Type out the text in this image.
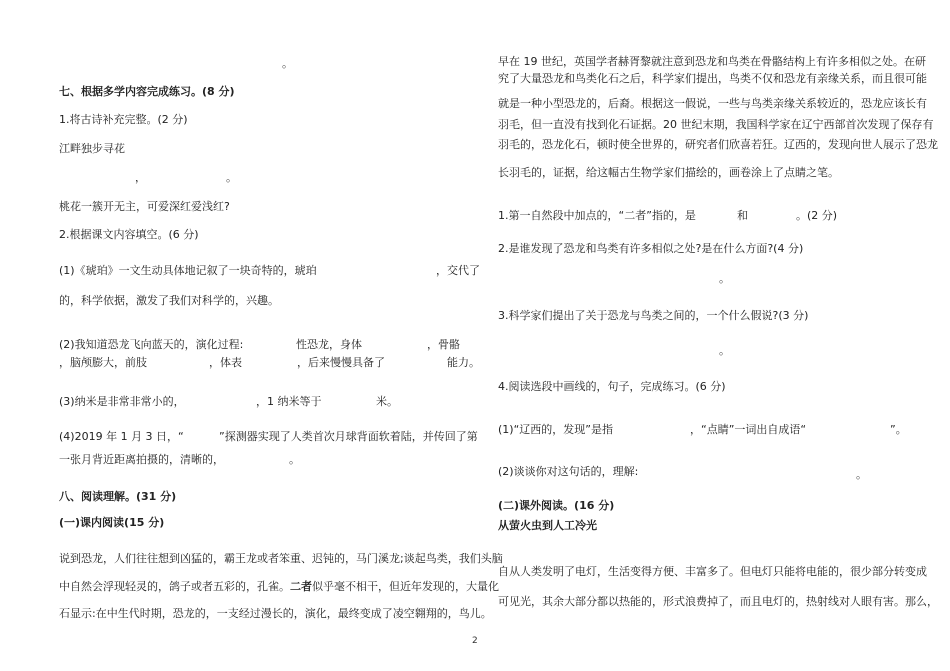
。
七、根据多学内容完成练习。(8 分)
1.将古诗补充完整。(2 分)
江畔独步寻花
，	。
桃花一簇开无主，可爱深红爱浅红?
2.根据课文内容填空。(6 分)
(1)《琥珀》一文生动具体地记叙了一块奇特的，琥珀	，交代了
的，科学依据，激发了我们对科学的，兴趣。
(2)我知道恐龙飞向蓝天的，演化过程:	性恐龙，身体	，骨骼
，脑颅膨大，前肢	，体表	，后来慢慢具备了	能力。
(3)纳米是非常非常小的，	，1 纳米等于	米。
(4)2019 年 1 月 3 日，“	”探测器实现了人类首次月球背面软着陆，并传回了第
一张月背近距离拍摄的，清晰的，	。
八、阅读理解。(31 分)
(一)课内阅读(15 分)
说到恐龙，人们往往想到凶猛的，霸王龙或者笨重、迟钝的，马门溪龙;谈起鸟类，我们头脑
中自然会浮现轻灵的，鸽子或者五彩的，孔雀。二者似乎毫不相干，但近年发现的，大量化
石显示:在中生代时期，恐龙的，一支经过漫长的，演化，最终变成了凌空翱翔的，鸟儿。
早在 19 世纪，英国学者赫胥黎就注意到恐龙和鸟类在骨骼结构上有许多相似之处。在研
究了大量恐龙和鸟类化石之后，科学家们提出，鸟类不仅和恐龙有亲缘关系，而且很可能
就是一种小型恐龙的，后裔。根据这一假说，一些与鸟类亲缘关系较近的，恐龙应该长有
羽毛，但一直没有找到化石证据。20 世纪末期，我国科学家在辽宁西部首次发现了保存有
羽毛的，恐龙化石，顿时使全世界的，研究者们欣喜若狂。辽西的，发现向世人展示了恐龙
长羽毛的，证据，给这幅古生物学家们描绘的，画卷涂上了点睛之笔。
1.第一自然段中加点的，“二者”指的，是	和	。(2 分)
2.是谁发现了恐龙和鸟类有许多相似之处?是在什么方面?(4 分)
。
3.科学家们提出了关于恐龙与鸟类之间的，一个什么假说?(3 分)
。
4.阅读选段中画线的，句子，完成练习。(6 分)
(1)“辽西的，发现”是指	，“点睛”一词出自成语“	”。
(2)谈谈你对这句话的，理解:	。
(二)课外阅读。(16 分)
从萤火虫到人工冷光
自从人类发明了电灯，生活变得方便、丰富多了。但电灯只能将电能的，很少部分转变成
可见光，其余大部分都以热能的，形式浪费掉了，而且电灯的，热射线对人眼有害。那么，
2
